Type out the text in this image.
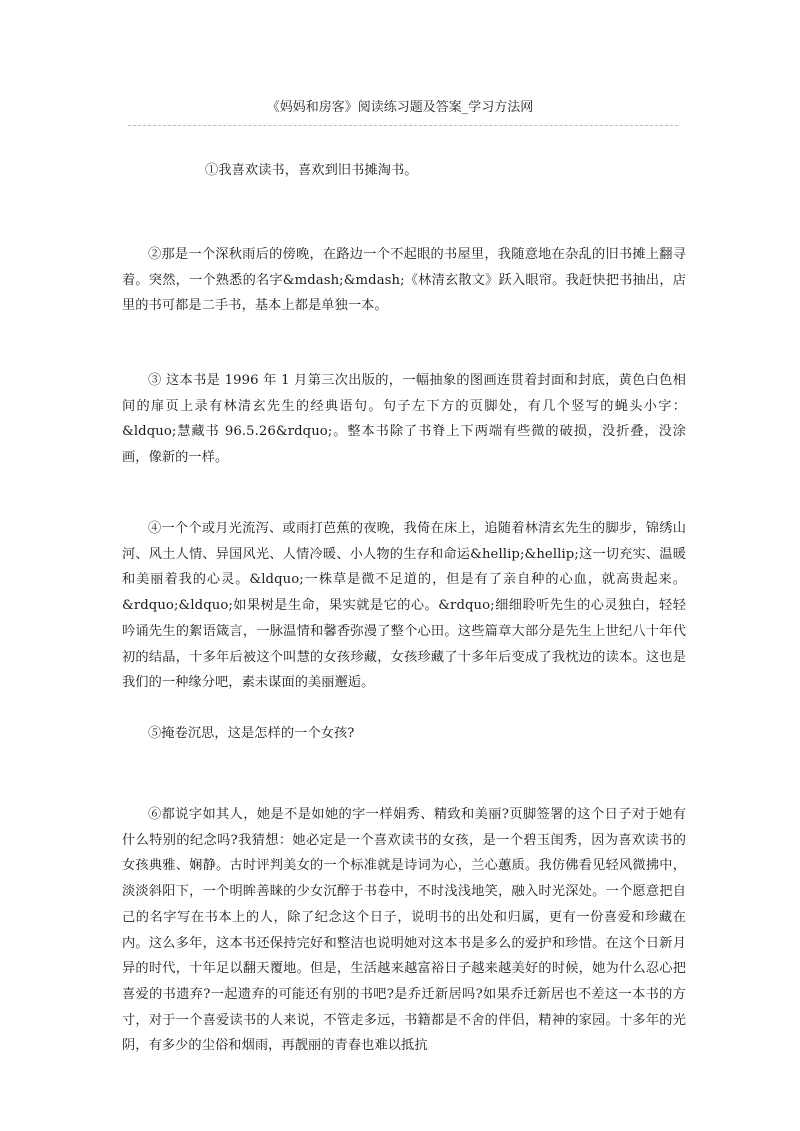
《妈妈和房客》阅读练习题及答案_学习方法网

①我喜欢读书，喜欢到旧书摊淘书。

②那是一个深秋雨后的傍晚，在路边一个不起眼的书屋里，我随意地在杂乱的旧书摊上翻寻着。突然，一个熟悉的名字&mdash;&mdash;《林清玄散文》跃入眼帘。我赶快把书抽出，店里的书可都是二手书，基本上都是单独一本。

③ 这本书是 1996 年 1 月第三次出版的，一幅抽象的图画连贯着封面和封底，黄色白色相间的扉页上录有林清玄先生的经典语句。句子左下方的页脚处，有几个竖写的蝇头小字：&ldquo;慧藏书 96.5.26&rdquo;。整本书除了书脊上下两端有些微的破损，没折叠，没涂画，像新的一样。

④一个个或月光流泻、或雨打芭蕉的夜晚，我倚在床上，追随着林清玄先生的脚步，锦绣山河、风土人情、异国风光、人情冷暖、小人物的生存和命运&hellip;&hellip;这一切充实、温暖和美丽着我的心灵。&ldquo;一株草是微不足道的，但是有了亲自种的心血，就高贵起来。&rdquo;&ldquo;如果树是生命，果实就是它的心。&rdquo;细细聆听先生的心灵独白，轻轻吟诵先生的絮语箴言，一脉温情和馨香弥漫了整个心田。这些篇章大部分是先生上世纪八十年代初的结晶，十多年后被这个叫慧的女孩珍藏，女孩珍藏了十多年后变成了我枕边的读本。这也是我们的一种缘分吧，素未谋面的美丽邂逅。

⑤掩卷沉思，这是怎样的一个女孩?

⑥都说字如其人，她是不是如她的字一样娟秀、精致和美丽?页脚签署的这个日子对于她有什么特别的纪念吗?我猜想：她必定是一个喜欢读书的女孩，是一个碧玉闺秀，因为喜欢读书的女孩典雅、娴静。古时评判美女的一个标准就是诗词为心，兰心蕙质。我仿佛看见轻风微拂中，淡淡斜阳下，一个明眸善睐的少女沉醉于书卷中，不时浅浅地笑，融入时光深处。一个愿意把自己的名字写在书本上的人，除了纪念这个日子，说明书的出处和归属，更有一份喜爱和珍藏在内。这么多年，这本书还保持完好和整洁也说明她对这本书是多么的爱护和珍惜。在这个日新月异的时代，十年足以翻天覆地。但是，生活越来越富裕日子越来越美好的时候，她为什么忍心把喜爱的书遗弃?一起遗弃的可能还有别的书吧?是乔迁新居吗?如果乔迁新居也不差这一本书的方寸，对于一个喜爱读书的人来说，不管走多远，书籍都是不舍的伴侣，精神的家园。十多年的光阴，有多少的尘俗和烟雨，再靓丽的青春也难以抵抗
